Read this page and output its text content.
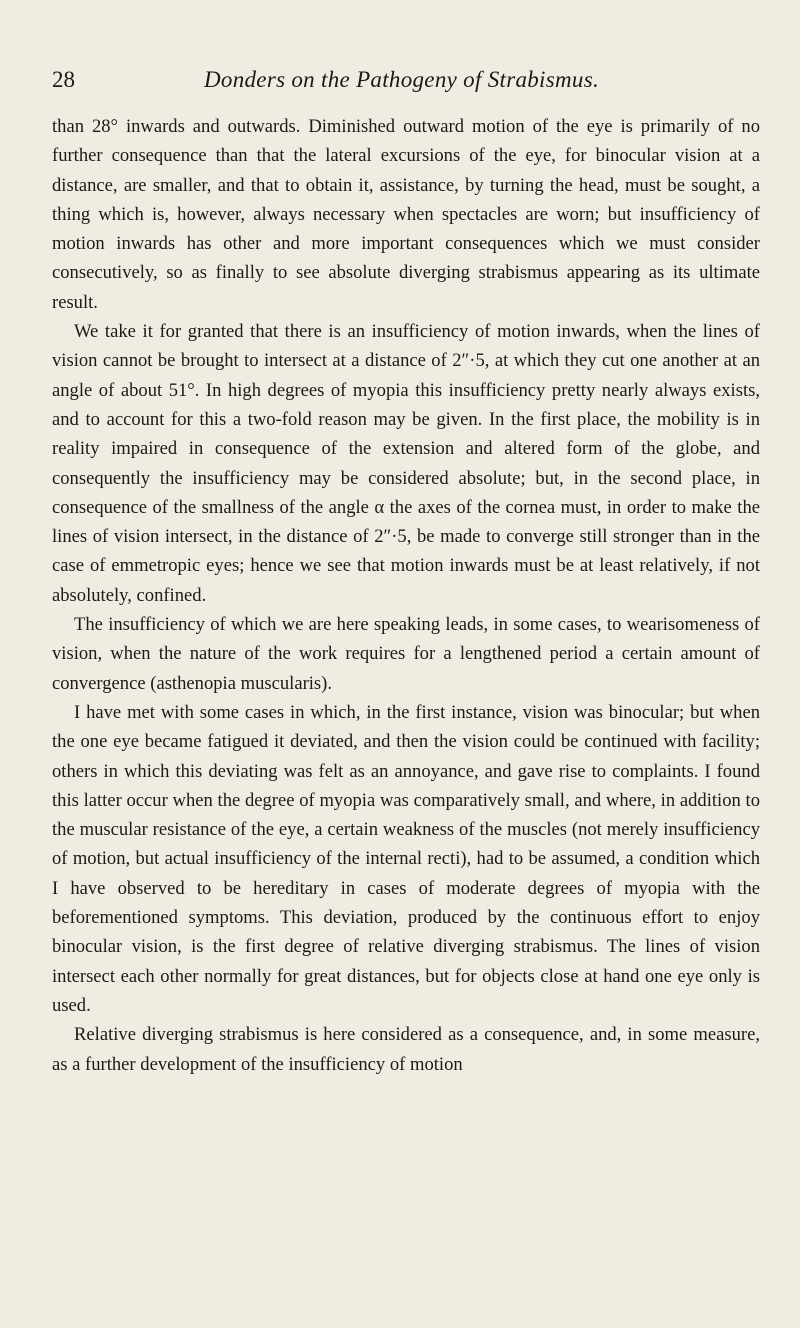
28	Donders on the Pathogeny of Strabismus.

than 28° inwards and outwards. Diminished outward motion of the eye is primarily of no further consequence than that the lateral excursions of the eye, for binocular vision at a distance, are smaller, and that to obtain it, assistance, by turning the head, must be sought, a thing which is, however, always necessary when spectacles are worn; but insufficiency of motion inwards has other and more important consequences which we must consider consecutively, so as finally to see absolute diverging strabismus appearing as its ultimate result.

We take it for granted that there is an insufficiency of motion inwards, when the lines of vision cannot be brought to intersect at a distance of 2″·5, at which they cut one another at an angle of about 51°. In high degrees of myopia this insufficiency pretty nearly always exists, and to account for this a two-fold reason may be given. In the first place, the mobility is in reality impaired in consequence of the extension and altered form of the globe, and consequently the insufficiency may be considered absolute; but, in the second place, in consequence of the smallness of the angle α the axes of the cornea must, in order to make the lines of vision intersect, in the distance of 2″·5, be made to converge still stronger than in the case of emmetropic eyes; hence we see that motion inwards must be at least relatively, if not absolutely, confined.

The insufficiency of which we are here speaking leads, in some cases, to wearisomeness of vision, when the nature of the work requires for a lengthened period a certain amount of convergence (asthenopia muscularis).

I have met with some cases in which, in the first instance, vision was binocular; but when the one eye became fatigued it deviated, and then the vision could be continued with facility; others in which this deviating was felt as an annoyance, and gave rise to complaints. I found this latter occur when the degree of myopia was comparatively small, and where, in addition to the muscular resistance of the eye, a certain weakness of the muscles (not merely insufficiency of motion, but actual insufficiency of the internal recti), had to be assumed, a condition which I have observed to be hereditary in cases of moderate degrees of myopia with the beforementioned symptoms. This deviation, produced by the continuous effort to enjoy binocular vision, is the first degree of relative diverging strabismus. The lines of vision intersect each other normally for great distances, but for objects close at hand one eye only is used.

Relative diverging strabismus is here considered as a consequence, and, in some measure, as a further development of the insufficiency of motion
